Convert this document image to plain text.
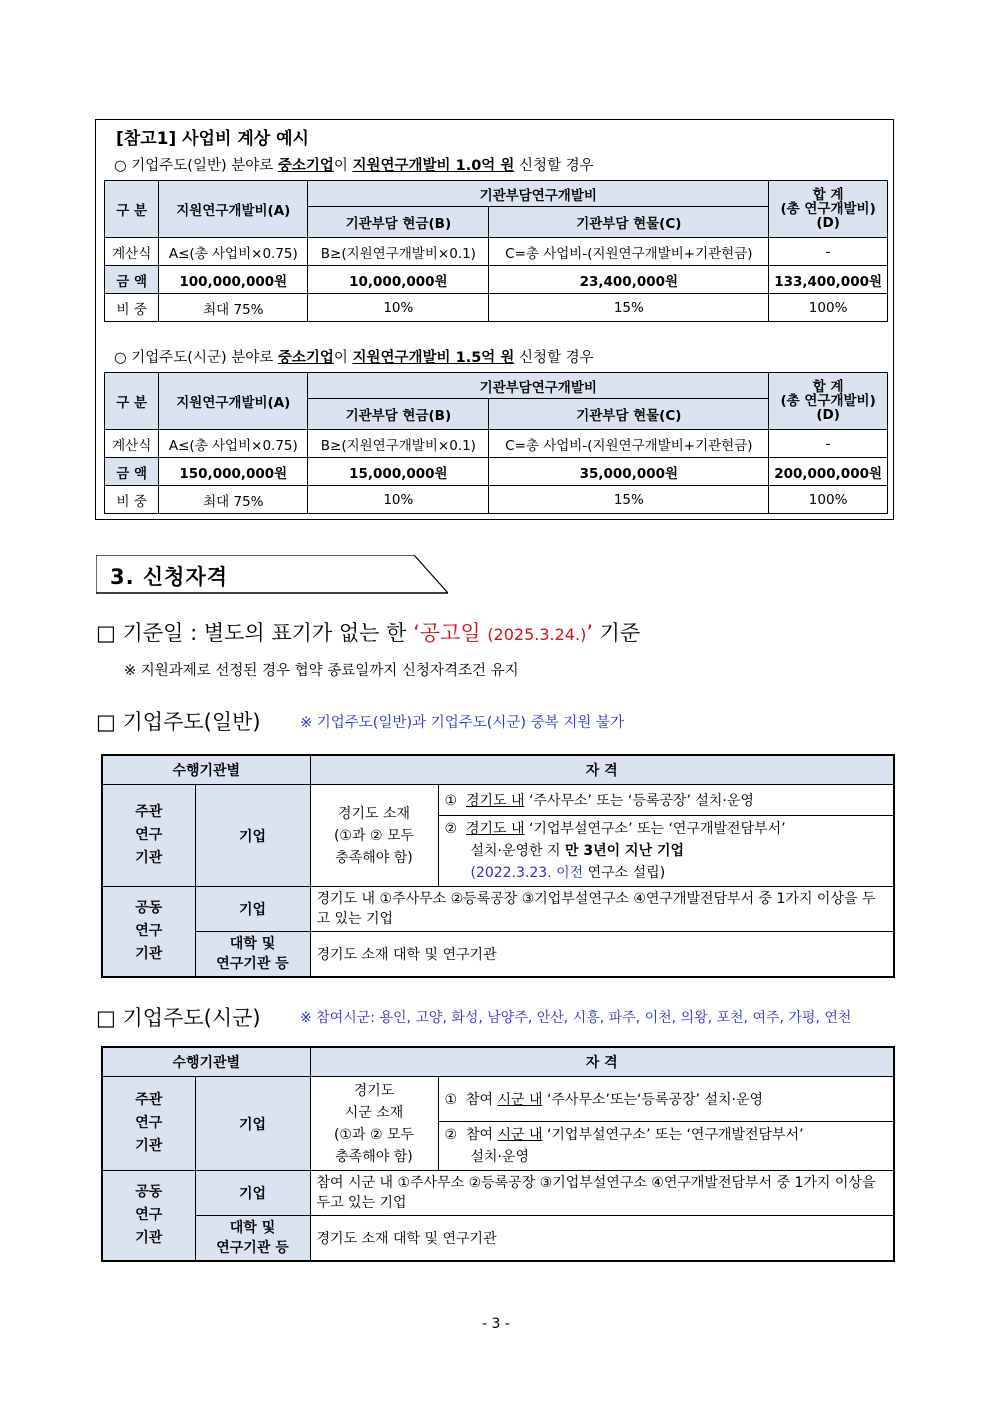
[참고1] 사업비 계상 예시
○ 기업주도(일반) 분야로 중소기업이 지원연구개발비 1.0억 원 신청할 경우
구 분	지원연구개발비(A)	기관부담연구개발비		합 계
(총 연구개발비)
(D)
		기관부담 현금(B)	기관부담 현물(C)	
계산식	A≤(총 사업비×0.75)	B≥(지원연구개발비×0.1)	C=총 사업비-(지원연구개발비+기관현금)	-
금 액	100,000,000원	10,000,000원	23,400,000원	133,400,000원
비 중	최대 75%	10%	15%	100%
○ 기업주도(시군) 분야로 중소기업이 지원연구개발비 1.5억 원 신청할 경우
구 분	지원연구개발비(A)	기관부담연구개발비		합 계
(총 연구개발비)
(D)
		기관부담 현금(B)	기관부담 현물(C)	
계산식	A≤(총 사업비×0.75)	B≥(지원연구개발비×0.1)	C=총 사업비-(지원연구개발비+기관현금)	-
금 액	150,000,000원	15,000,000원	35,000,000원	200,000,000원
비 중	최대 75%	10%	15%	100%
3. 신청자격
□ 기준일 : 별도의 표기가 없는 한 ‘공고일 (2025.3.24.)’ 기준
※ 지원과제로 선정된 경우 협약 종료일까지 신청자격조건 유지
□ 기업주도(일반)	※ 기업주도(일반)과 기업주도(시군) 중복 지원 불가
수행기관별		자 격	
주관
연구
기관	기업	경기도 소재
(①과 ② 모두
충족해야 함)	① 경기도 내 ‘주사무소’ 또는 ‘등록공장’ 설치·운영
			② 경기도 내 ‘기업부설연구소’ 또는 ‘연구개발전담부서’
설치·운영한 지 만 3년이 지난 기업
(2022.3.23. 이전 연구소 설립)
공동
연구
기관	기업	경기도 내 ①주사무소 ②등록공장 ③기업부설연구소 ④연구개발전담부서 중 1가지 이상을 두고 있는 기업	
	대학 및
연구기관 등	경기도 소재 대학 및 연구기관	
□ 기업주도(시군)	※ 참여시군: 용인, 고양, 화성, 남양주, 안산, 시흥, 파주, 이천, 의왕, 포천, 여주, 가평, 연천
수행기관별		자 격	
주관
연구
기관	기업	경기도
시군 소재
(①과 ② 모두
충족해야 함)	① 참여 시군 내 ‘주사무소’또는‘등록공장’ 설치·운영
			② 참여 시군 내 ‘기업부설연구소’ 또는 ‘연구개발전담부서’
설치·운영
공동
연구
기관	기업	참여 시군 내 ①주사무소 ②등록공장 ③기업부설연구소 ④연구개발전담부서 중 1가지 이상을 두고 있는 기업	
	대학 및
연구기관 등	경기도 소재 대학 및 연구기관	
- 3 -
